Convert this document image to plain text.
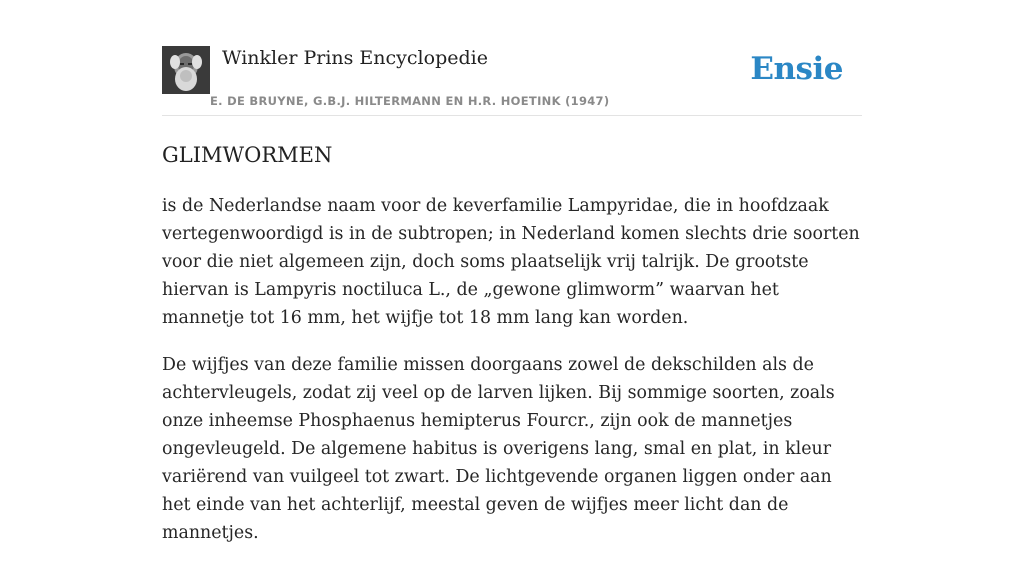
Winkler Prins Encyclopedie
E. DE BRUYNE, G.B.J. HILTERMANN EN H.R. HOETINK (1947)
Ensie
GLIMWORMEN

is de Nederlandse naam voor de keverfamilie Lampyridae, die in hoofdzaak vertegenwoordigd is in de subtropen; in Nederland komen slechts drie soorten voor die niet algemeen zijn, doch soms plaatselijk vrij talrijk. De grootste hiervan is Lampyris noctiluca L., de „gewone glimworm” waarvan het mannetje tot 16 mm, het wijfje tot 18 mm lang kan worden.

De wijfjes van deze familie missen doorgaans zowel de dekschilden als de achtervleugels, zodat zij veel op de larven lijken. Bij sommige soorten, zoals onze inheemse Phosphaenus hemipterus Fourcr., zijn ook de mannetjes ongevleugeld. De algemene habitus is overigens lang, smal en plat, in kleur variërend van vuilgeel tot zwart. De lichtgevende organen liggen onder aan het einde van het achterlijf, meestal geven de wijfjes meer licht dan de mannetjes.
